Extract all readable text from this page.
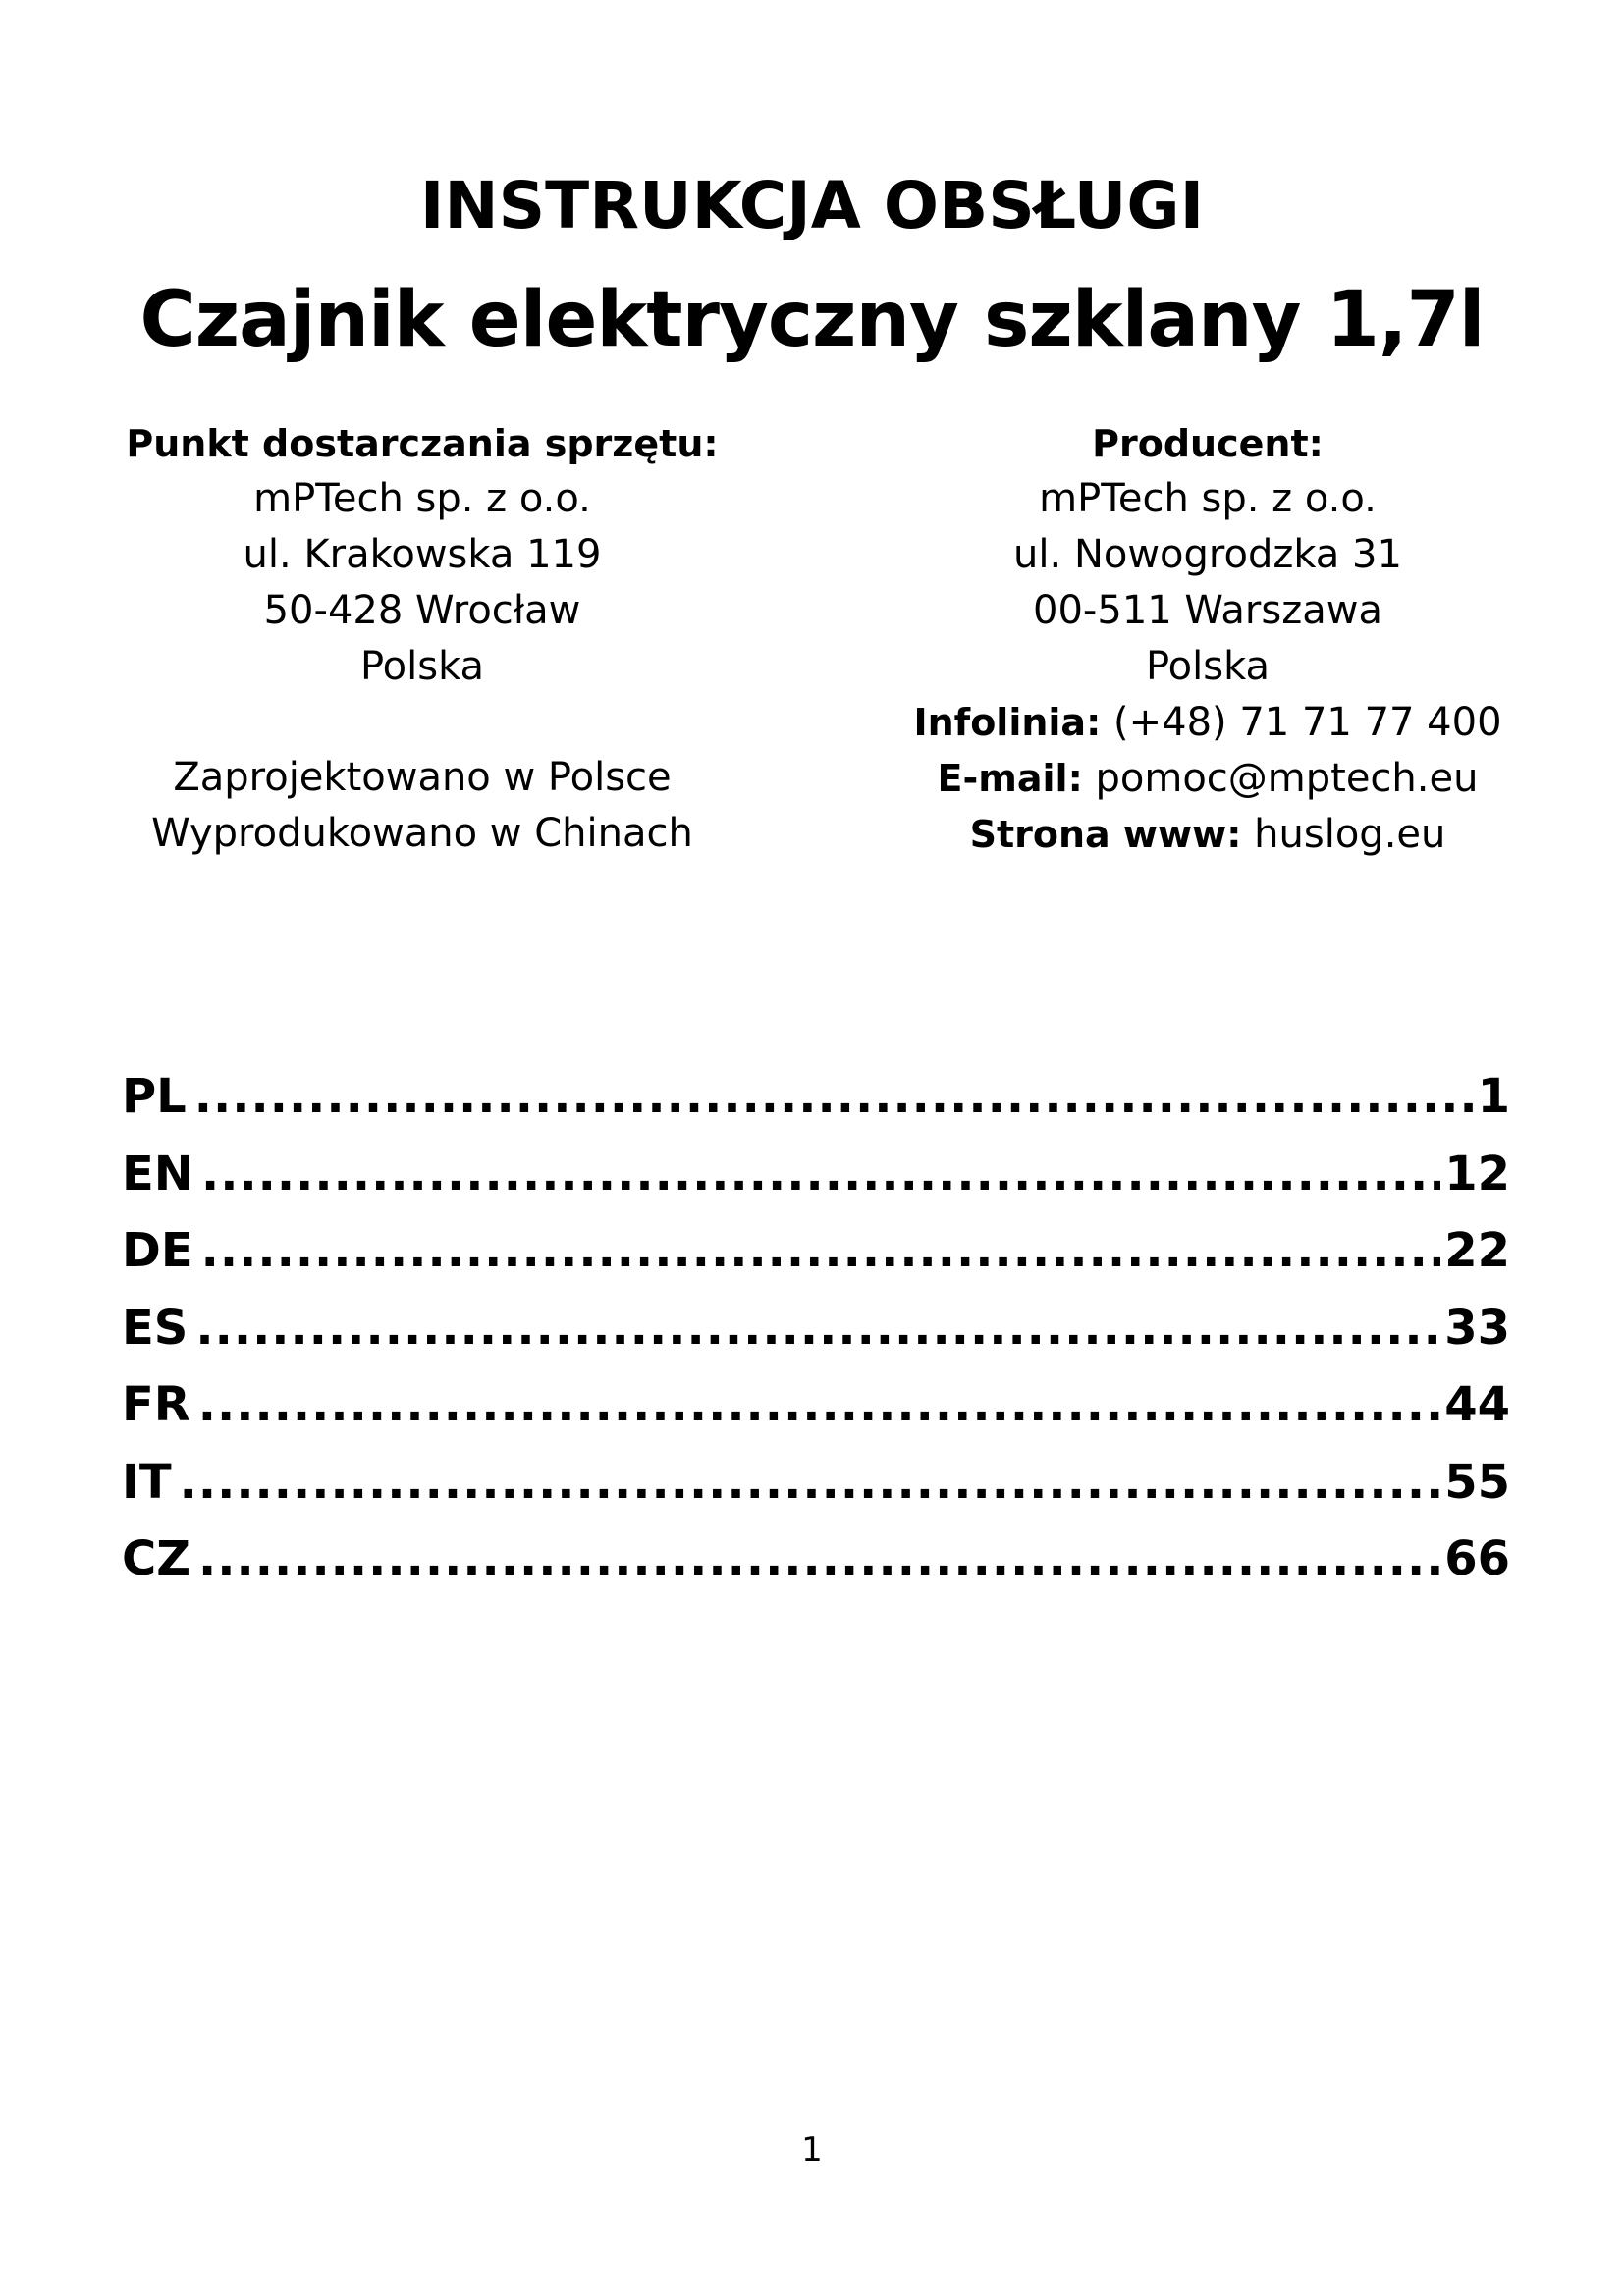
INSTRUKCJA OBSŁUGI
Czajnik elektryczny szklany 1,7l
Punkt dostarczania sprzętu:
mPTech sp. z o.o.
ul. Krakowska 119
50-428 Wrocław
Polska
Zaprojektowano w Polsce
Wyprodukowano w Chinach
Producent:
mPTech sp. z o.o.
ul. Nowogrodzka 31
00-511 Warszawa
Polska
Infolinia: (+48) 71 71 77 400
E-mail: pomoc@mptech.eu
Strona www: huslog.eu
PL .....	1
EN .....	12
DE .....	22
ES .....	33
FR .....	44
IT .....	55
CZ .....	66
1
